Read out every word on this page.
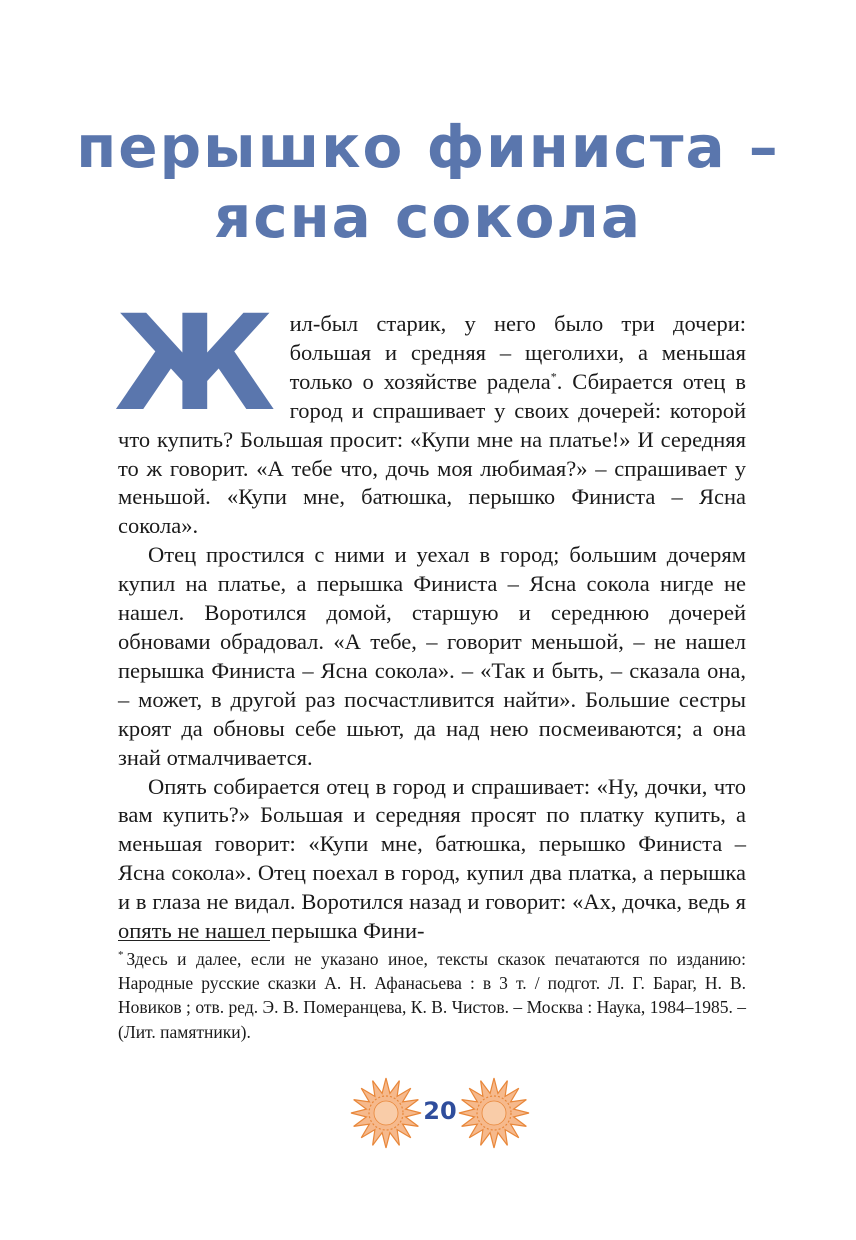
перышко финиста –
ясна сокола

Жил-был старик, у него было три дочери: большая и средняя – щеголихи, а меньшая только о хозяйстве радела*. Сбирается отец в город и спрашивает у своих дочерей: которой что купить? Большая просит: «Купи мне на платье!» И середняя то ж говорит. «А тебе что, дочь моя любимая?» – спрашивает у меньшой. «Купи мне, батюшка, перышко Финиста – Ясна сокола».

Отец простился с ними и уехал в город; большим дочерям купил на платье, а перышка Финиста – Ясна сокола нигде не нашел. Воротился домой, старшую и середнюю дочерей обновами обрадовал. «А тебе, – говорит меньшой, – не нашел перышка Финиста – Ясна сокола». – «Так и быть, – сказала она, – может, в другой раз посчастливится найти». Большие сестры кроят да обновы себе шьют, да над нею посмеиваются; а она знай отмалчивается.

Опять собирается отец в город и спрашивает: «Ну, дочки, что вам купить?» Большая и середняя просят по платку купить, а меньшая говорит: «Купи мне, батюшка, перышко Финиста – Ясна сокола». Отец поехал в город, купил два платка, а перышка и в глаза не видал. Воротился назад и говорит: «Ах, дочка, ведь я опять не нашел перышка Фини-

* Здесь и далее, если не указано иное, тексты сказок печатаются по изданию: Народные русские сказки А. Н. Афанасьева : в 3 т. / подгот. Л. Г. Бараг, Н. В. Новиков ; отв. ред. Э. В. Померанцева, К. В. Чистов. – Москва : Наука, 1984–1985. – (Лит. памятники).
20
